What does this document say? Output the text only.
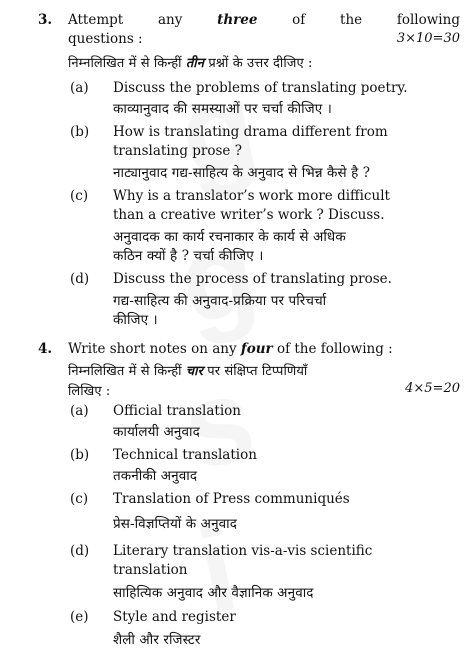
3. Attempt	any	three	of	the	following
questions :	3×10=30
निम्नलिखित में से किन्हीं तीन प्रश्नों के उत्तर दीजिए :
(a) Discuss the problems of translating poetry.
काव्यानुवाद की समस्याओं पर चर्चा कीजिए ।
(b) How is translating drama different from
translating prose ?
नाट्यानुवाद गद्य-साहित्य के अनुवाद से भिन्न कैसे है ?
(c) Why is a translator’s work more difficult
than a creative writer’s work ? Discuss.
अनुवादक का कार्य रचनाकार के कार्य से अधिक
कठिन क्यों है ? चर्चा कीजिए ।
(d) Discuss the process of translating prose.
गद्य-साहित्य की अनुवाद-प्रक्रिया पर परिचर्चा
कीजिए ।
4. Write short notes on any four of the following :
निम्नलिखित में से किन्हीं चार पर संक्षिप्त टिप्पणियाँ
लिखिए :	4×5=20
(a) Official translation
कार्यालयी अनुवाद
(b) Technical translation
तकनीकी अनुवाद
(c) Translation of Press communiqués
प्रेस-विज्ञप्तियों के अनुवाद
(d) Literary translation vis-a-vis scientific
translation
साहित्यिक अनुवाद और वैज्ञानिक अनुवाद
(e) Style and register
शैली और रजिस्टर
